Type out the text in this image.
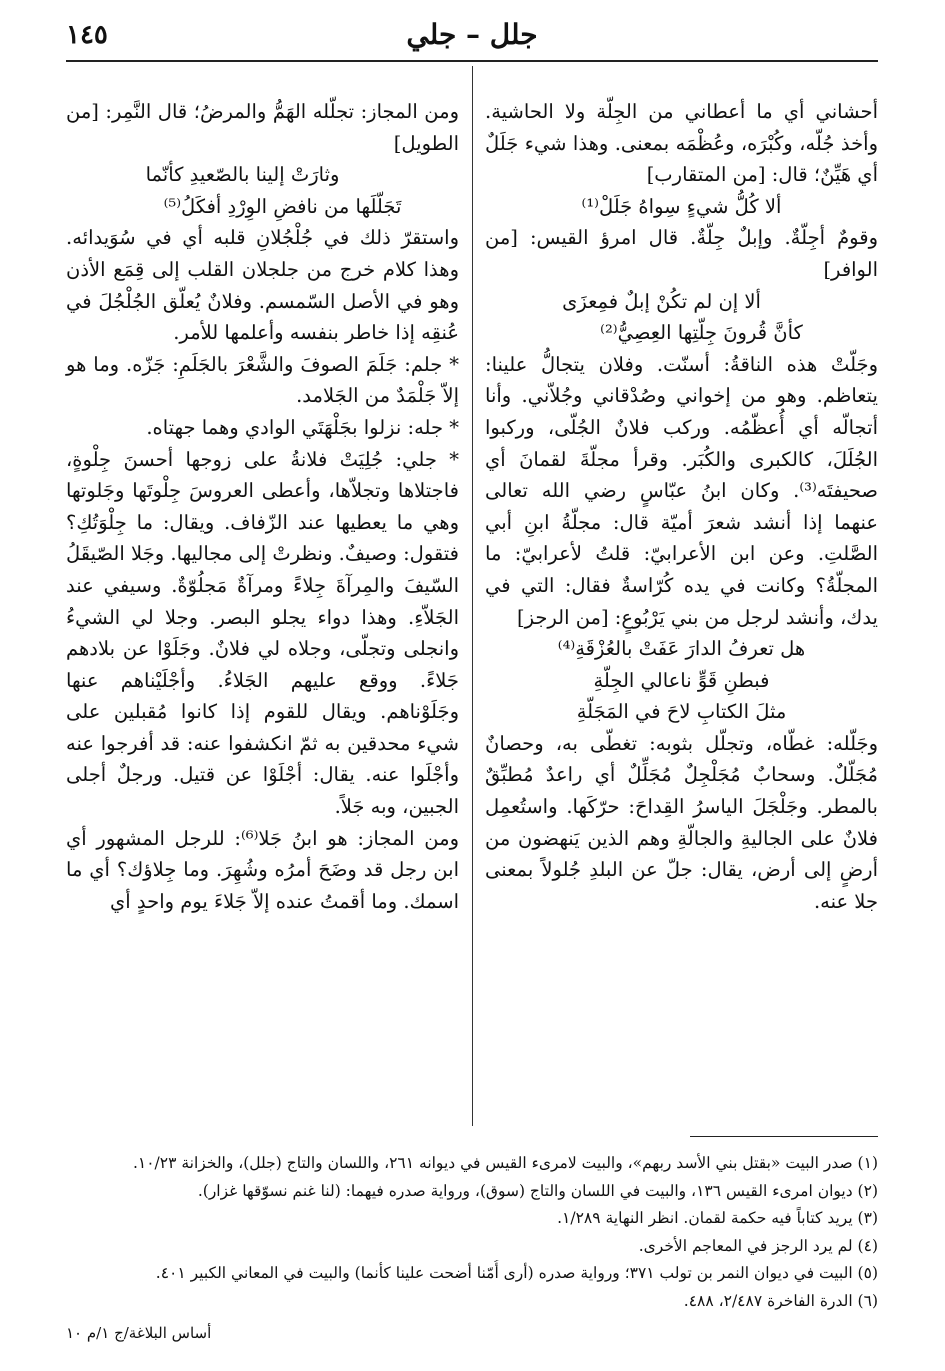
١٤٥	جلل – جلي

أحشاني أي ما أعطاني من الجِلّة ولا الحاشية. وأخذ جُلّه، وكُبْرَه، وعُظْمَه بمعنى. وهذا شيء جَلَلٌ أي هَيِّنٌ؛ قال: [من المتقارب]

ألا كُلُّ شيءٍ سِواهُ جَلَلْ⁽¹⁾

وقومٌ أجِلّةٌ. وإبلٌ جِلّةٌ. قال امرؤ القيس: [من الوافر]

ألا إن لم تكُنْ إبلٌ فمِعزَى

كأنَّ قُرونَ جِلّتِها العِصِيُّ⁽²⁾

وجَلّتْ هذه الناقةُ: أسنّت. وفلان يتجالُّ علينا: يتعاظم. وهو من إخواني وصُدْقاني وجُلاّني. وأنا أتجالّه أي أُعظّمُه. وركب فلانٌ الجُلّى، وركبوا الجُلَلَ، كالكبرى والكُبَر. وقرأ مجلّةَ لقمانَ أي صحيفتَه⁽³⁾. وكان ابنُ عبّاسٍ رضي الله تعالى عنهما إذا أنشد شعرَ أميّة قال: مجلّةُ ابنِ أبي الصَّلتِ. وعن ابن الأعرابيّ: قلتُ لأعرابيّ: ما المجلّةُ؟ وكانت في يده كُرّاسةٌ فقال: التي في يدك، وأنشد لرجل من بني يَرْبُوعٍ: [من الرجز]

هل تعرفُ الدارَ عَفَتْ بالعُزْقَةِ⁽⁴⁾

فبطنِ قَوٍّ ناعالي الجِلّةِ

مثلَ الكتابِ لاحَ في المَجَلّةِ

وجَلّله: غطّاه، وتجلّل بثوبه: تغطّى به، وحصانٌ مُجَلّلٌ. وسحابٌ مُجَلْجِلٌ مُجَلِّلٌ أي راعدٌ مُطبِّقٌ بالمطر. وجَلْجَلَ الياسرُ القِداحَ: حرّكَها. واستُعمِل فلانٌ على الجاليةِ والجالّةِ وهم الذين يَنهضون من أرضٍ إلى أرض، يقال: جلّ عن البلدِ جُلولاً بمعنى جلا عنه.

ومن المجاز: تجلّله الهَمُّ والمرضُ؛ قال النَّمِر: [من الطويل]

وثارَتْ إلينا بالصّعيدِ كأنّما

تَجَلّلَها من نافضِ الوِرْدِ أفكَلُ⁽⁵⁾

واستقرّ ذلك في جُلْجُلانِ قلبه أي في سُوَيدائه. وهذا كلام خرج من جلجلان القلب إلى قِمَع الأذن وهو في الأصل السّمسم. وفلانٌ يُعلّق الجُلْجُلَ في عُنقِه إذا خاطر بنفسه وأعلمها للأمر.

* جلم: جَلَمَ الصوفَ والشَّعْرَ بالجَلَمِ: جَزّه. وما هو إلاّ جَلْمَدٌ من الجَلامد.

* جله: نزلوا بجَلْهَتَي الوادي وهما جهتاه.

* جلي: جُلِيَتْ فلانةُ على زوجها أحسنَ جِلْوةٍ، فاجتلاها وتجلاّها، وأعطى العروسَ جِلْوتَها وجَلوتها وهي ما يعطيها عند الزّفاف. ويقال: ما جِلْوَتُكِ؟ فتقول: وصيفٌ. ونظرتْ إلى مجاليها. وجَلا الصّيقَلُ السّيفَ والمِرآةَ جِلاءً ومرآةٌ مَجلُوّةٌ. وسيفي عند الجَلاّءِ. وهذا دواء يجلو البصر. وجلا لي الشيءُ وانجلى وتجلّى، وجلاه لي فلانٌ. وجَلَوْا عن بلادهم جَلاءً. ووقع عليهم الجَلاءُ. وأجْلَيْناهم عنها وجَلَوْناهم. ويقال للقوم إذا كانوا مُقبلين على شيء محدقين به ثمّ انكشفوا عنه: قد أفرجوا عنه وأجْلَوا عنه. يقال: أجْلَوْا عن قتيل. ورجلٌ أجلى الجبين، وبه جَلاً.

ومن المجاز: هو ابنُ جَلا⁽⁶⁾: للرجل المشهور أي ابن رجل قد وضَحَ أمرُه وشُهِرَ. وما جِلاؤك؟ أي ما اسمك. وما أقمتُ عنده إلاّ جَلاءَ يوم واحدٍ أي

(١) صدر البيت «بقتل بني الأسد ربهم»، والبيت لامرىء القيس في ديوانه ٢٦١، واللسان والتاج (جلل)، والخزانة ١٠/٢٣.
(٢) ديوان امرىء القيس ١٣٦، والبيت في اللسان والتاج (سوق)، ورواية صدره فيهما: (لنا غنم نسوّقها غزار).
(٣) يريد كتاباً فيه حكمة لقمان. انظر النهاية ١/٢٨٩.
(٤) لم يرد الرجز في المعاجم الأخرى.
(٥) البيت في ديوان النمر بن تولب ٣٧١؛ ورواية صدره (أرى أُمّنا أضحت علينا كأنما) والبيت في المعاني الكبير ٤٠١.
(٦) الدرة الفاخرة ٢/٤٨٧، ٤٨٨.
أساس البلاغة/ج ١/م ١٠
